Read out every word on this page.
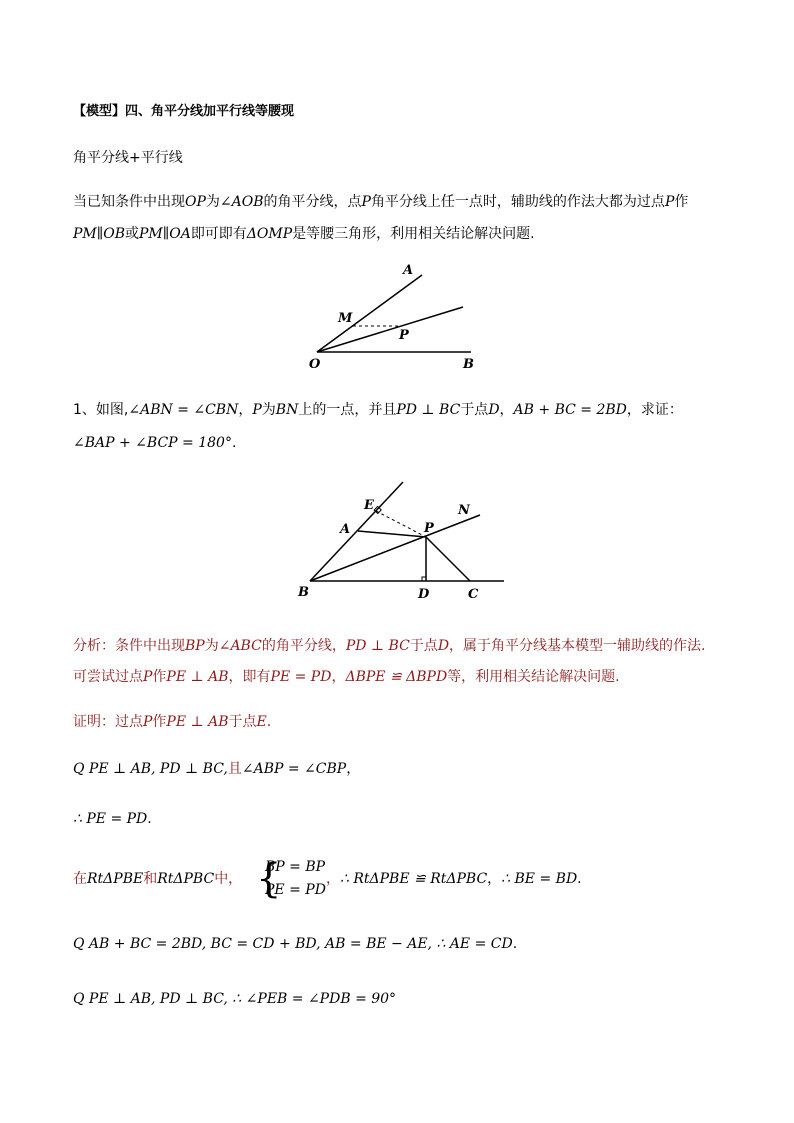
【模型】四、角平分线加平行线等腰现
角平分线+平行线
当已知条件中出现OP为∠AOB的角平分线，点P角平分线上任一点时，辅助线的作法大都为过点P作
PM∥OB或PM∥OA即可即有ΔOMP是等腰三角形，利用相关结论解决问题.
A
M
P
O	B
1、如图,∠ABN = ∠CBN，P为BN上的一点，并且PD ⊥ BC于点D，AB + BC = 2BD，求证：
∠BAP + ∠BCP = 180°.
E	N
A	P
B	D	C
分析：条件中出现BP为∠ABC的角平分线，PD ⊥ BC于点D，属于角平分线基本模型一辅助线的作法.
可尝试过点P作PE ⊥ AB，即有PE = PD，ΔBPE ≌ ΔBPD等，利用相关结论解决问题.
证明：过点P作PE ⊥ AB于点E.
Q PE ⊥ AB, PD ⊥ BC,且∠ABP = ∠CBP，
∴ PE = PD.
在RtΔPBE和RtΔPBC中， {
BP = BP
PE = PD
，∴ RtΔPBE ≌ RtΔPBC，∴ BE = BD.
Q AB + BC = 2BD, BC = CD + BD, AB = BE − AE, ∴ AE = CD.
Q PE ⊥ AB, PD ⊥ BC, ∴ ∠PEB = ∠PDB = 90°
